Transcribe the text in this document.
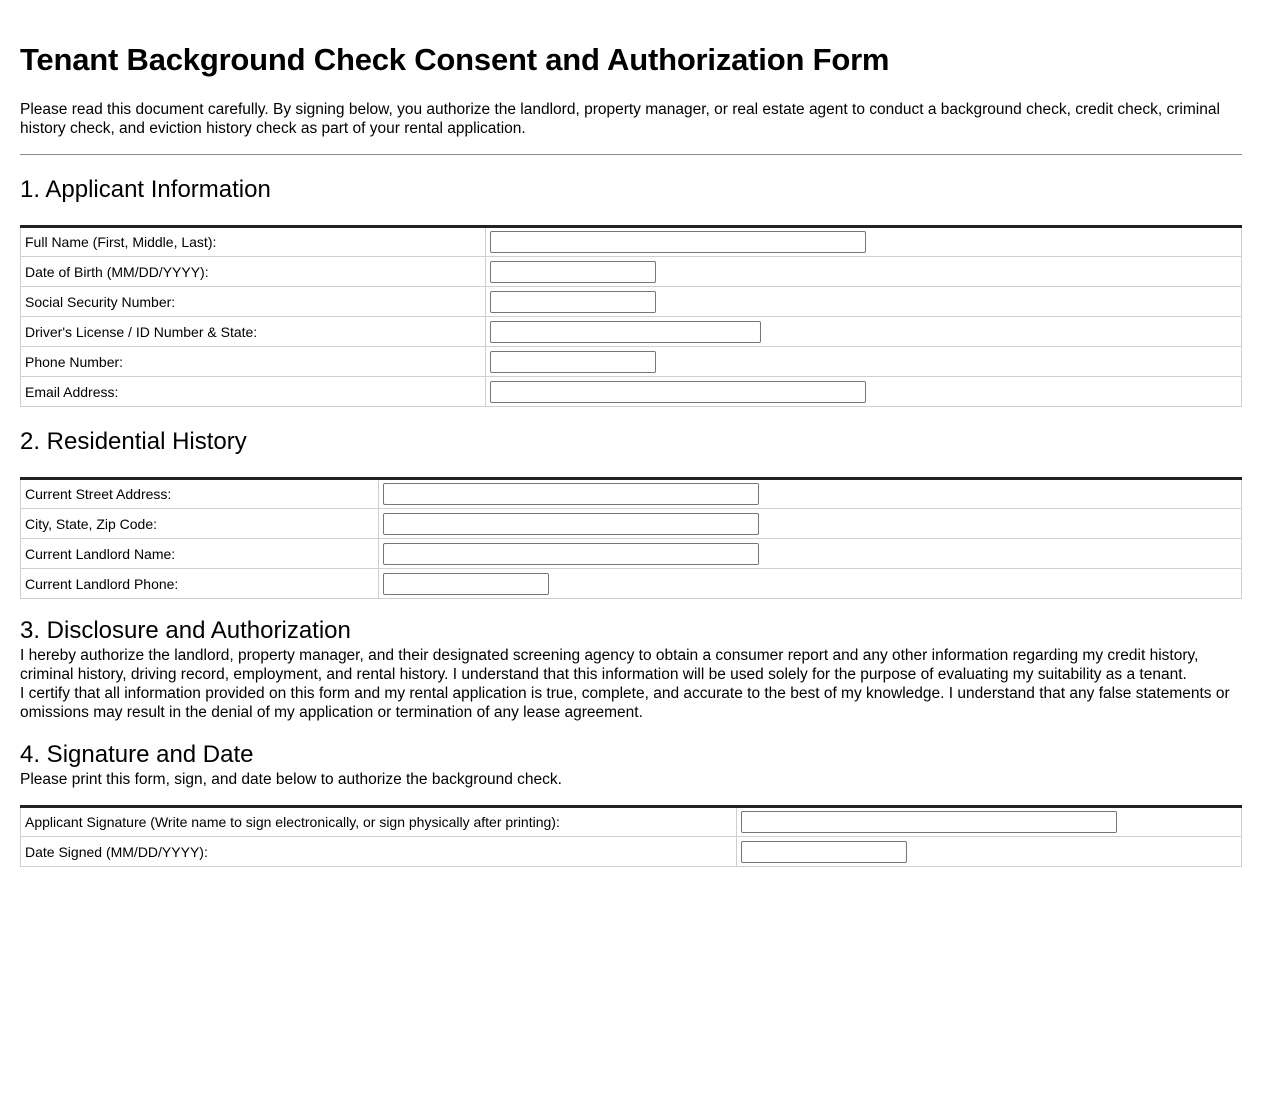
Tenant Background Check Consent and Authorization Form

Please read this document carefully. By signing below, you authorize the landlord, property manager, or real estate agent to conduct a background check, credit check, criminal history check, and eviction history check as part of your rental application.

1. Applicant Information
Full Name (First, Middle, Last):	

Date of Birth (MM/DD/YYYY):	

Social Security Number:	

Driver's License / ID Number & State:	

Phone Number:	

Email Address:	
2. Residential History
Current Street Address:	

City, State, Zip Code:	

Current Landlord Name:	

Current Landlord Phone:	
3. Disclosure and Authorization

I hereby authorize the landlord, property manager, and their designated screening agency to obtain a consumer report and any other information regarding my credit history, criminal history, driving record, employment, and rental history. I understand that this information will be used solely for the purpose of evaluating my suitability as a tenant.

I certify that all information provided on this form and my rental application is true, complete, and accurate to the best of my knowledge. I understand that any false statements or omissions may result in the denial of my application or termination of any lease agreement.

4. Signature and Date

Please print this form, sign, and date below to authorize the background check.

Applicant Signature (Write name to sign electronically, or sign physically after printing):	

Date Signed (MM/DD/YYYY):	
